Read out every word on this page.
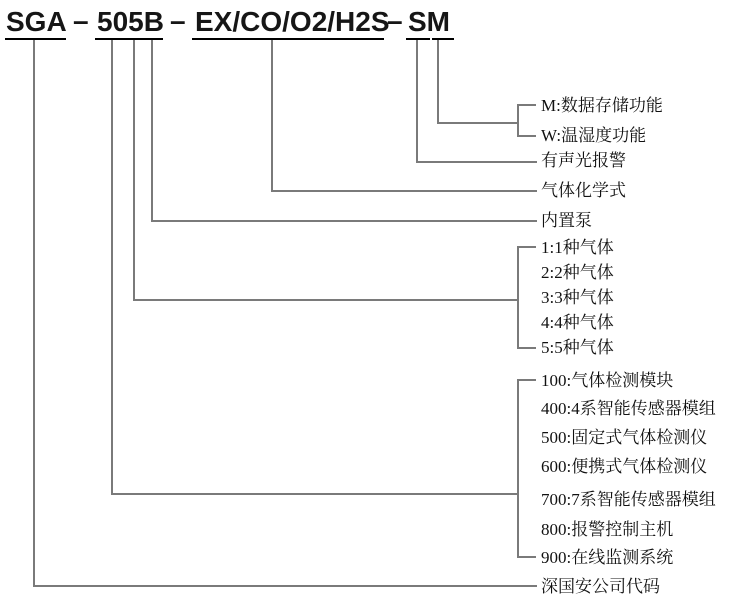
SGA – 505B – EX/CO/O2/H2S
– SM
M:数据存储功能
W:温湿度功能
有声光报警
气体化学式
内置泵
1:1种气体
2:2种气体
3:3种气体
4:4种气体
5:5种气体
100:气体检测模块
400:4系智能传感器模组
500:固定式气体检测仪
600:便携式气体检测仪
700:7系智能传感器模组
800:报警控制主机
900:在线监测系统
深国安公司代码
